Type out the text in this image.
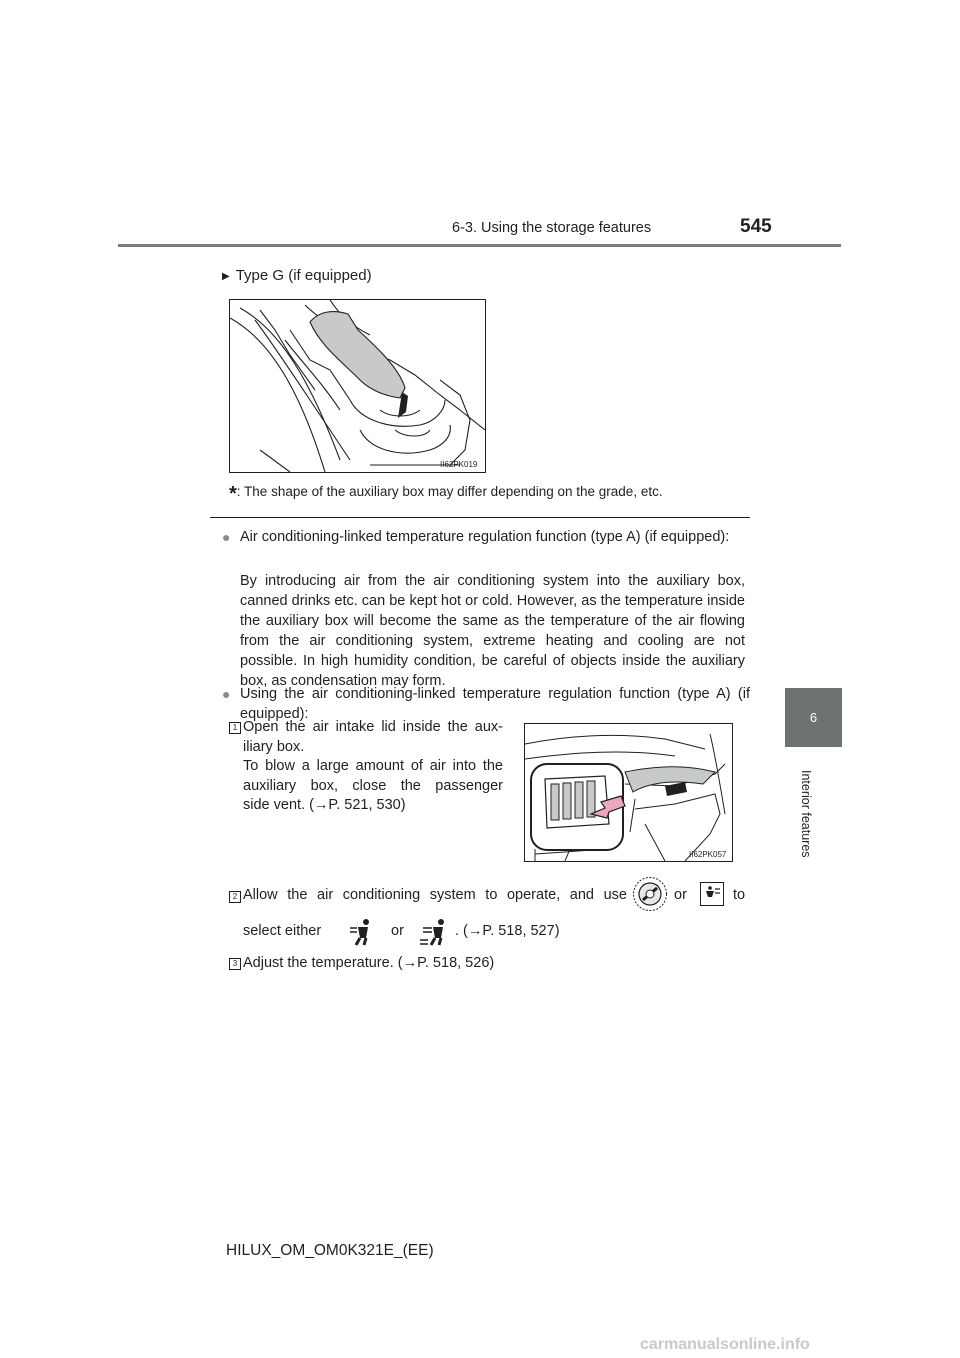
6-3. Using the storage features	545
6
Interior features
▶ Type G (if equipped)
II62PK019
*: The shape of the auxiliary box may differ depending on the grade, etc.
● Air conditioning-linked temperature regulation function (type A) (if equipped):
By introducing air from the air conditioning system into the auxiliary box, canned drinks etc. can be kept hot or cold. However, as the temperature inside the auxiliary box will become the same as the temperature of the air flowing from the air conditioning system, extreme heating and cooling are not possible. In high humidity condition, be careful of objects inside the auxiliary box, as condensation may form.
● Using the air conditioning-linked temperature regulation function (type A) (if equipped):
1 Open the air intake lid inside the aux-
iliary box.
To blow a large amount of air into the
auxiliary box, close the passenger
side vent. (→P. 521, 530)
II62PK057
2 Allow the air conditioning system to operate, and use	or	to
select either	or	. (→P. 518, 527)
3 Adjust the temperature. (→P. 518, 526)
HILUX_OM_OM0K321E_(EE)
carmanualsonline.info
